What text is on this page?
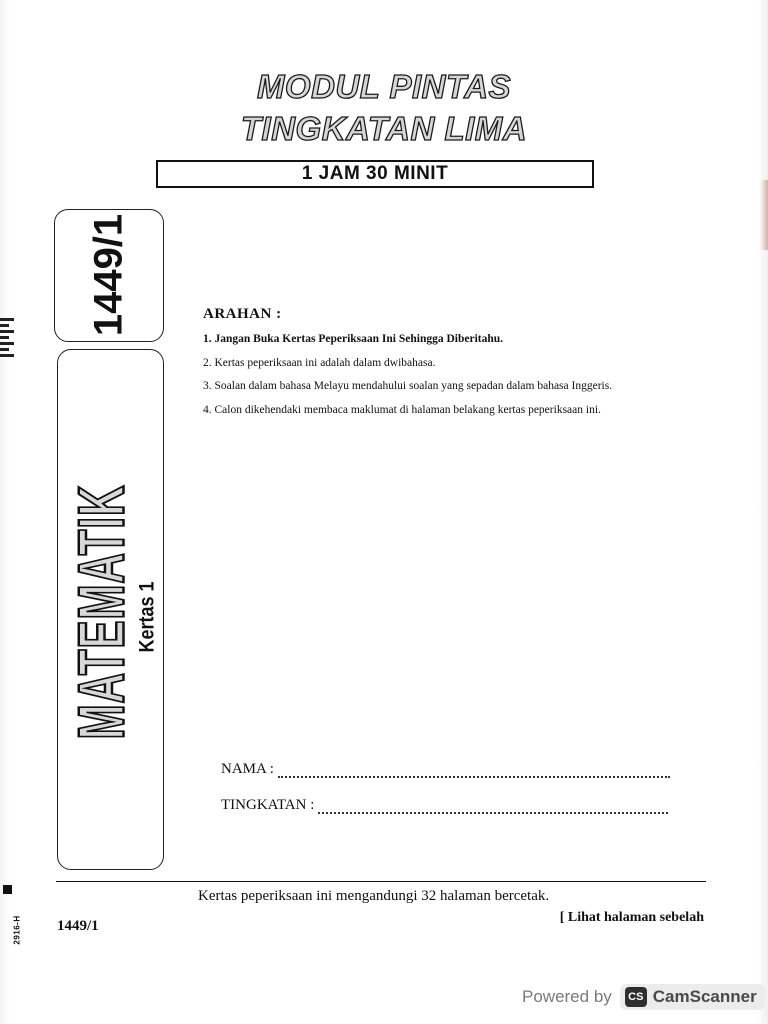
MODUL PINTAS
TINGKATAN LIMA
1 JAM 30 MINIT
1449/1
MATEMATIK
Kertas 1
ARAHAN :
1. Jangan Buka Kertas Peperiksaan Ini Sehingga Diberitahu.
2. Kertas peperiksaan ini adalah dalam dwibahasa.
3. Soalan dalam bahasa Melayu mendahului soalan yang sepadan dalam bahasa Inggeris.
4. Calon dikehendaki membaca maklumat di halaman belakang kertas peperiksaan ini.
NAMA :
TINGKATAN :
Kertas peperiksaan ini mengandungi 32 halaman bercetak.
[ Lihat halaman sebelah
1449/1
2916-H
Powered by	CS CamScanner
